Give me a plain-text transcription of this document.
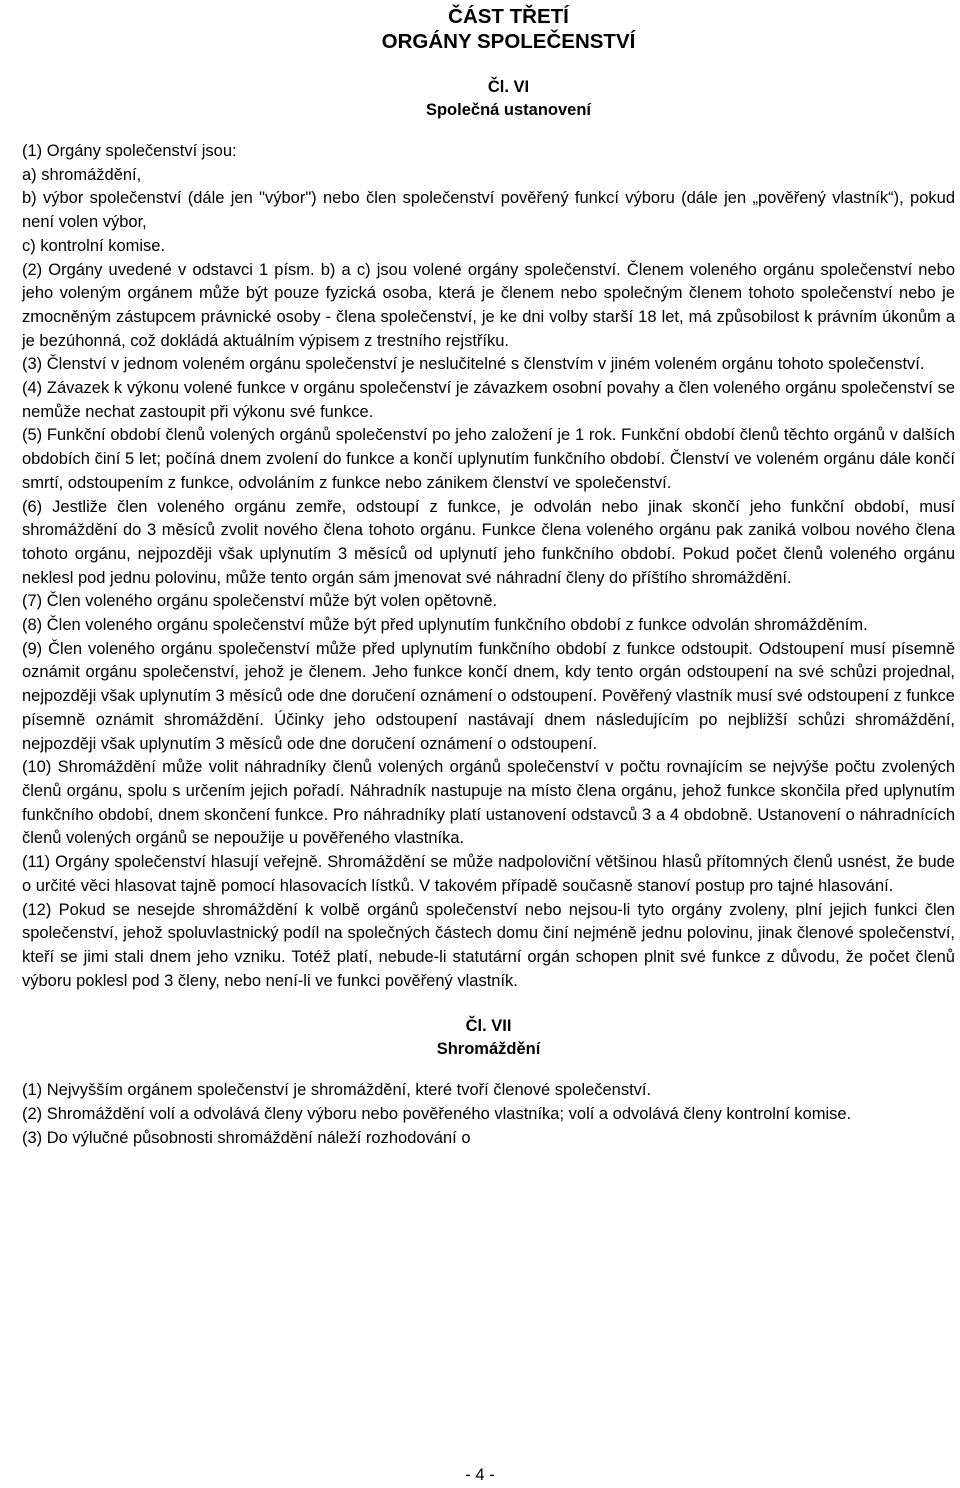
ČÁST TŘETÍ
ORGÁNY SPOLEČENSTVÍ
Čl. VI
Společná ustanovení

(1) Orgány společenství jsou:

a) shromáždění,

b) výbor společenství (dále jen "výbor") nebo člen společenství pověřený funkcí výboru (dále jen „pověřený vlastník“), pokud není volen výbor,

c) kontrolní komise.

(2) Orgány uvedené v odstavci 1 písm. b) a c) jsou volené orgány společenství. Členem voleného orgánu společenství nebo jeho voleným orgánem může být pouze fyzická osoba, která je členem nebo společným členem tohoto společenství nebo je zmocněným zástupcem právnické osoby - člena společenství, je ke dni volby starší 18 let, má způsobilost k právním úkonům a je bezúhonná, což dokládá aktuálním výpisem z trestního rejstříku.

(3) Členství v jednom voleném orgánu společenství je neslučitelné s členstvím v jiném voleném orgánu tohoto společenství.

(4) Závazek k výkonu volené funkce v orgánu společenství je závazkem osobní povahy a člen voleného orgánu společenství se nemůže nechat zastoupit při výkonu své funkce.

(5) Funkční období členů volených orgánů společenství po jeho založení je 1 rok. Funkční období členů těchto orgánů v dalších obdobích činí 5 let; počíná dnem zvolení do funkce a končí uplynutím funkčního období. Členství ve voleném orgánu dále končí smrtí, odstoupením z funkce, odvoláním z funkce nebo zánikem členství ve společenství.

(6) Jestliže člen voleného orgánu zemře, odstoupí z funkce, je odvolán nebo jinak skončí jeho funkční období, musí shromáždění do 3 měsíců zvolit nového člena tohoto orgánu. Funkce člena voleného orgánu pak zaniká volbou nového člena tohoto orgánu, nejpozději však uplynutím 3 měsíců od uplynutí jeho funkčního období. Pokud počet členů voleného orgánu neklesl pod jednu polovinu, může tento orgán sám jmenovat své náhradní členy do příštího shromáždění.

(7) Člen voleného orgánu společenství může být volen opětovně.

(8) Člen voleného orgánu společenství může být před uplynutím funkčního období z funkce odvolán shromážděním.

(9) Člen voleného orgánu společenství může před uplynutím funkčního období z funkce odstoupit. Odstoupení musí písemně oznámit orgánu společenství, jehož je členem. Jeho funkce končí dnem, kdy tento orgán odstoupení na své schůzi projednal, nejpozději však uplynutím 3 měsíců ode dne doručení oznámení o odstoupení. Pověřený vlastník musí své odstoupení z funkce písemně oznámit shromáždění. Účinky jeho odstoupení nastávají dnem následujícím po nejbližší schůzi shromáždění, nejpozději však uplynutím 3 měsíců ode dne doručení oznámení o odstoupení.

(10) Shromáždění může volit náhradníky členů volených orgánů společenství v počtu rovnajícím se nejvýše počtu zvolených členů orgánu, spolu s určením jejich pořadí. Náhradník nastupuje na místo člena orgánu, jehož funkce skončila před uplynutím funkčního období, dnem skončení funkce. Pro náhradníky platí ustanovení odstavců 3 a 4 obdobně. Ustanovení o náhradnících členů volených orgánů se nepoužije u pověřeného vlastníka.

(11) Orgány společenství hlasují veřejně. Shromáždění se může nadpoloviční většinou hlasů přítomných členů usnést, že bude o určité věci hlasovat tajně pomocí hlasovacích lístků. V takovém případě současně stanoví postup pro tajné hlasování.

(12) Pokud se nesejde shromáždění k volbě orgánů společenství nebo nejsou-li tyto orgány zvoleny, plní jejich funkci člen společenství, jehož spoluvlastnický podíl na společných částech domu činí nejméně jednu polovinu, jinak členové společenství, kteří se jimi stali dnem jeho vzniku. Totéž platí, nebude-li statutární orgán schopen plnit své funkce z důvodu, že počet členů výboru poklesl pod 3 členy, nebo není-li ve funkci pověřený vlastník.

Čl. VII
Shromáždění

(1) Nejvyšším orgánem společenství je shromáždění, které tvoří členové společenství.

(2) Shromáždění volí a odvolává členy výboru nebo pověřeného vlastníka; volí a odvolává členy kontrolní komise.

(3) Do výlučné působnosti shromáždění náleží rozhodování o

- 4 -
